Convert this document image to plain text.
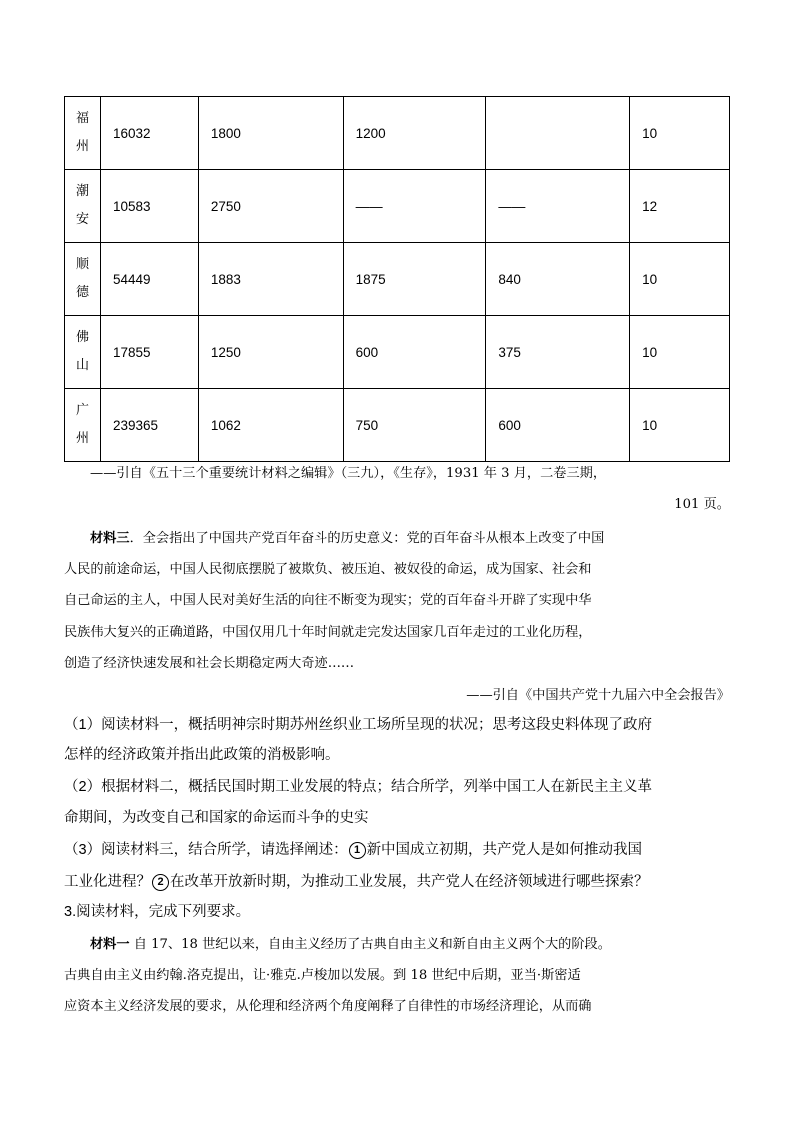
福
州	16032	1800	1200		10

潮
安	10583	2750	——	——	12

顺
德	54449	1883	1875	840	10

佛
山	17855	1250	600	375	10

广
州	239365	1062	750	600	10
——引自《五十三个重要统计材料之编辑》（三九），《生存》，1931 年 3 月，二卷三期，
101 页。
材料三．全会指出了中国共产党百年奋斗的历史意义：党的百年奋斗从根本上改变了中国
人民的前途命运，中国人民彻底摆脱了被欺负、被压迫、被奴役的命运，成为国家、社会和
自己命运的主人，中国人民对美好生活的向往不断变为现实；党的百年奋斗开辟了实现中华
民族伟大复兴的正确道路，中国仅用几十年时间就走完发达国家几百年走过的工业化历程，
创造了经济快速发展和社会长期稳定两大奇迹……
——引自《中国共产党十九届六中全会报告》
（1）阅读材料一，概括明神宗时期苏州丝织业工场所呈现的状况；思考这段史料体现了政府
怎样的经济政策并指出此政策的消极影响。
（2）根据材料二，概括民国时期工业发展的特点；结合所学，列举中国工人在新民主主义革
命期间，为改变自己和国家的命运而斗争的史实
（3）阅读材料三，结合所学，请选择阐述： 1 新中国成立初期，共产党人是如何推动我国
工业化进程？ 2 在改革开放新时期，为推动工业发展，共产党人在经济领域进行哪些探索？
3.阅读材料，完成下列要求。
材料一 自 17、18 世纪以来，自由主义经历了古典自由主义和新自由主义两个大的阶段。
古典自由主义由约翰.洛克提出，让·雅克.卢梭加以发展。到 18 世纪中后期，亚当·斯密适
应资本主义经济发展的要求，从伦理和经济两个角度阐释了自律性的市场经济理论，从而确
